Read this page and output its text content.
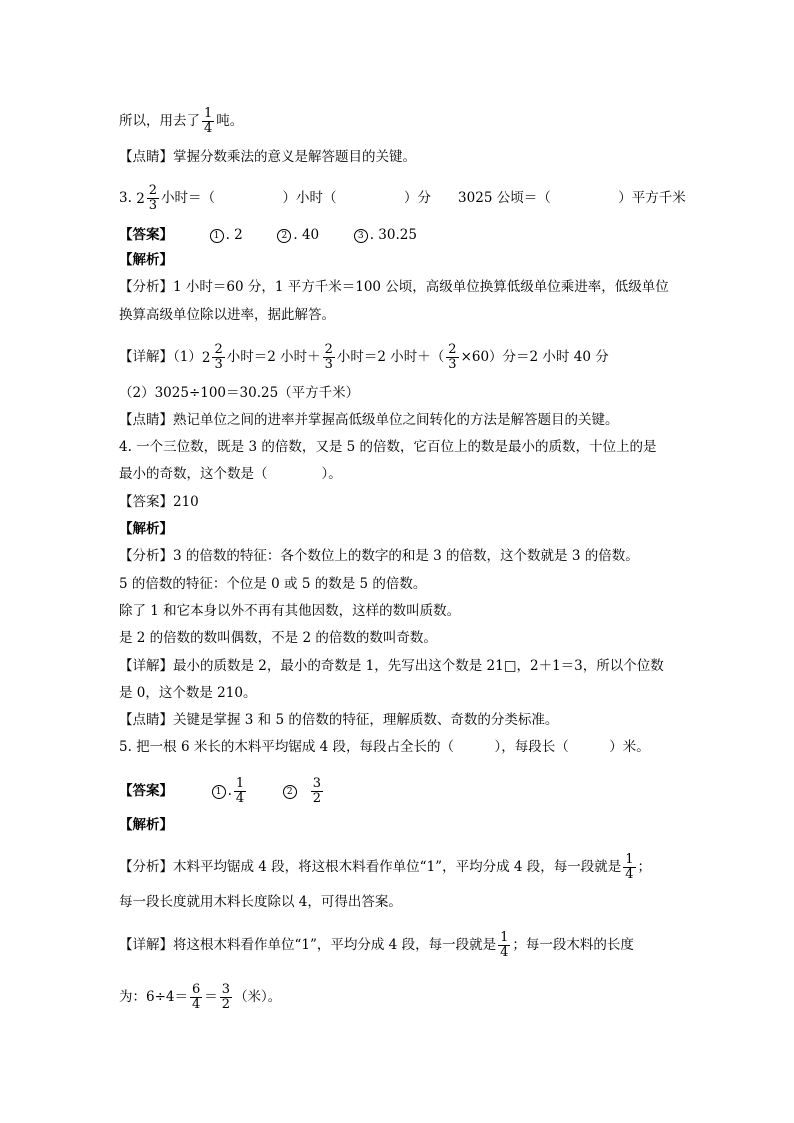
所以，用去了 $\frac{1}{4}$ 吨。
【点睛】掌握分数乘法的意义是解答题目的关键。
3. $2 \frac{2}{3}$ 小时＝（　　　　　）小时（　　　　　）分　　3025 公顷＝（　　　　　）平方千米
【答案】	1 . 2	2 . 40	3 . 30.25
【解析】
【分析】1 小时＝60 分，1 平方千米＝100 公顷，高级单位换算低级单位乘进率，低级单位
换算高级单位除以进率，据此解答。
【详解】（1） $2 \frac{2}{3}$ 小时＝2 小时＋ $\frac{2}{3}$ 小时＝2 小时＋（ $\frac{2}{3} \times 60$）分＝2 小时 40 分
（2）3025÷100＝30.25（平方千米）
【点睛】熟记单位之间的进率并掌握高低级单位之间转化的方法是解答题目的关键。
4. 一个三位数，既是 3 的倍数，又是 5 的倍数，它百位上的数是最小的质数，十位上的是
最小的奇数，这个数是（　　　　）。
【答案】210
【解析】
【分析】3 的倍数的特征：各个数位上的数字的和是 3 的倍数，这个数就是 3 的倍数。
5 的倍数的特征：个位是 0 或 5 的数是 5 的倍数。
除了 1 和它本身以外不再有其他因数，这样的数叫质数。
是 2 的倍数的数叫偶数，不是 2 的倍数的数叫奇数。
【详解】最小的质数是 2，最小的奇数是 1，先写出这个数是 21□，2＋1＝3，所以个位数
是 0，这个数是 210。
【点睛】关键是掌握 3 和 5 的倍数的特征，理解质数、奇数的分类标准。
5. 把一根 6 米长的木料平均锯成 4 段，每段占全长的（　　　），每段长（　　　）米。
【答案】	1 . $\frac{1}{4}$	$2 \frac{3}{2}$
【解析】
【分析】木料平均锯成 4 段，将这根木料看作单位“1”，平均分成 4 段，每一段就是 $\frac{1}{4}$ ；
每一段长度就用木料长度除以 4，可得出答案。
【详解】将这根木料看作单位“1”，平均分成 4 段，每一段就是 $\frac{1}{4}$ ；每一段木料的长度
为：$6\div 4= \frac{6}{4} = \frac{3}{2}$ （米）。
